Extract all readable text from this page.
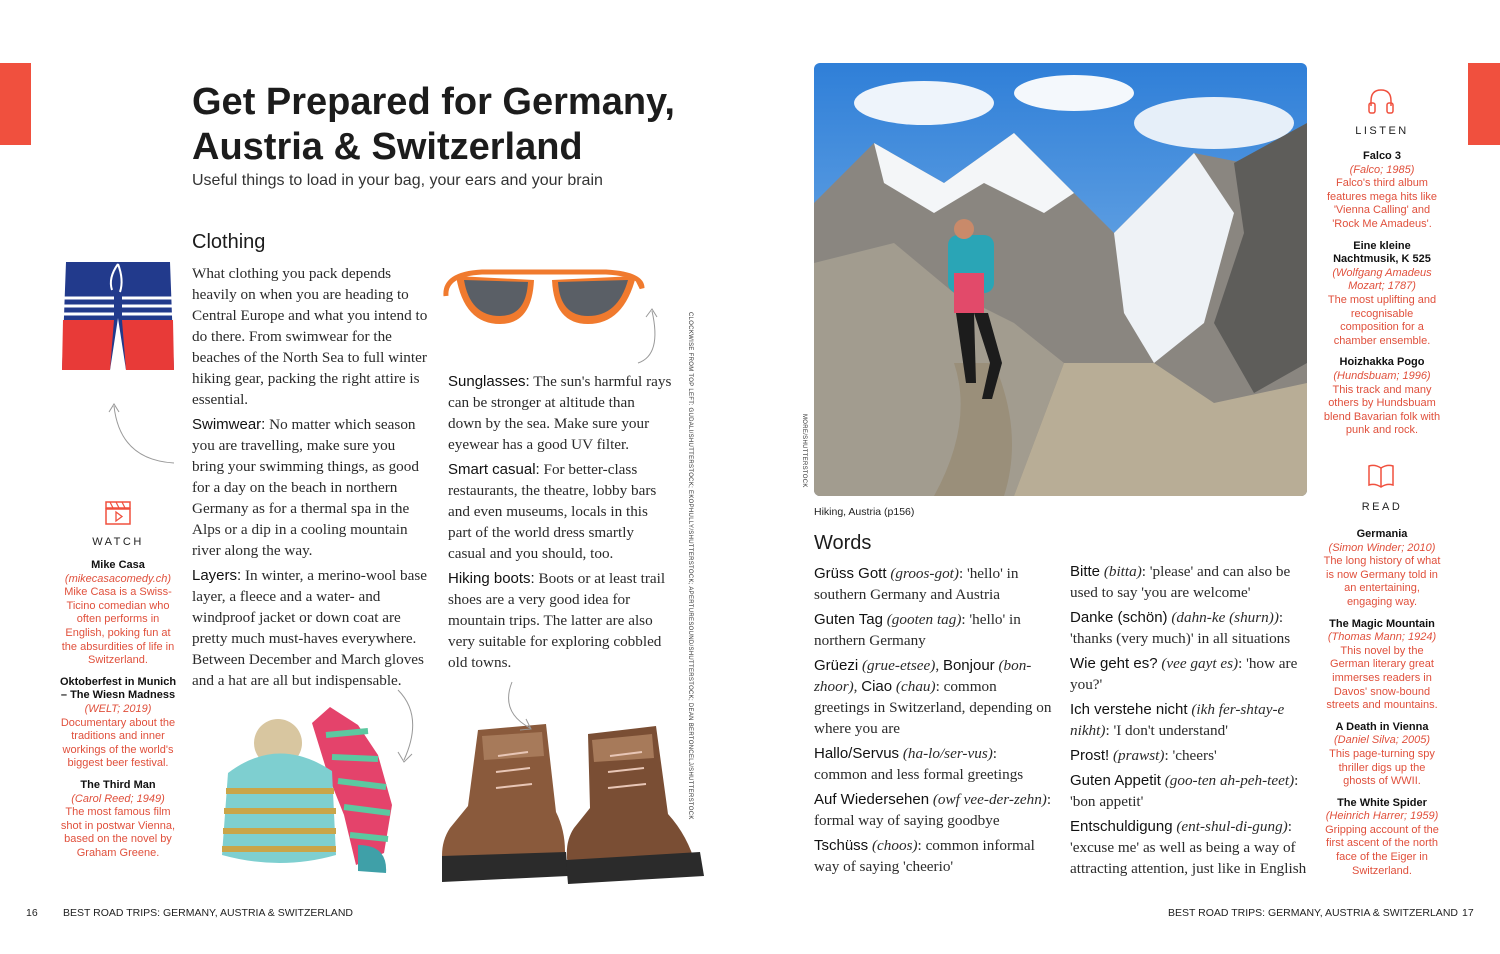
Get Prepared for Germany, Austria & Switzerland
Useful things to load in your bag, your ears and your brain
Clothing

What clothing you pack depends heavily on when you are heading to Central Europe and what you intend to do there. From swimwear for the beaches of the North Sea to full winter hiking gear, packing the right attire is essential.

Swimwear: No matter which season you are travelling, make sure you bring your swimming things, as good for a day on the beach in northern Germany as for a thermal spa in the Alps or a dip in a cooling mountain river along the way.

Layers: In winter, a merino-wool base layer, a fleece and a water- and windproof jacket or down coat are pretty much must-haves everywhere. Between December and March gloves and a hat are all but indispensable.

Sunglasses: The sun's harmful rays can be stronger at altitude than down by the sea. Make sure your eyewear has a good UV filter.

Smart casual: For better-class restaurants, the theatre, lobby bars and even museums, locals in this part of the world dress smartly casual and you should, too.

Hiking boots: Boots or at least trail shoes are a very good idea for mountain trips. The latter are also very suitable for exploring cobbled old towns.	CLOCKWISE FROM TOP LEFT: GUDALI/SHUTTERSTOCK; EKOPHULLY/SHUTTERSTOCK; APERTURESOUND/SHUTTERSTOCK; DEAN BERTONCELJ/SHUTTERSTOCK	MORE/SHUTTERSTOCK
WATCH
Mike Casa
(mikecasacomedy.ch)
Mike Casa is a Swiss-Ticino comedian who often performs in English, poking fun at the absurdities of life in Switzerland.
Oktoberfest in Munich – The Wiesn Madness
(WELT; 2019)
Documentary about the traditions and inner workings of the world's biggest beer festival.
The Third Man
(Carol Reed; 1949)
The most famous film shot in postwar Vienna, based on the novel by Graham Greene.
Hiking, Austria (p156)
Words

Grüss Gott (groos-got): 'hello' in southern Germany and Austria

Guten Tag (gooten tag): 'hello' in northern Germany

Grüezi (grue-etsee), Bonjour (bon-zhoor), Ciao (chau): common greetings in Switzerland, depending on where you are

Hallo/Servus (ha-lo/ser-vus): common and less formal greetings

Auf Wiedersehen (owf vee-der-zehn): formal way of saying goodbye

Tschüss (choos): common informal way of saying 'cheerio'

Bitte (bitta): 'please' and can also be used to say 'you are welcome'

Danke (schön) (dahn-ke (shurn)): 'thanks (very much)' in all situations

Wie geht es? (vee gayt es): 'how are you?'

Ich verstehe nicht (ikh fer-shtay-e nikht): 'I don't understand'

Prost! (prawst): 'cheers'

Guten Appetit (goo-ten ah-peh-teet): 'bon appetit'

Entschuldigung (ent-shul-di-gung): 'excuse me' as well as being a way of attracting attention, just like in English

LISTEN
Falco 3
(Falco; 1985)
Falco's third album features mega hits like 'Vienna Calling' and 'Rock Me Amadeus'.
Eine kleine Nachtmusik, K 525
(Wolfgang Amadeus Mozart; 1787)
The most uplifting and recognisable composition for a chamber ensemble.
Hoizhakka Pogo
(Hundsbuam; 1996)
This track and many others by Hundsbuam blend Bavarian folk with punk and rock.
READ
Germania
(Simon Winder; 2010)
The long history of what is now Germany told in an entertaining, engaging way.
The Magic Mountain
(Thomas Mann; 1924)
This novel by the German literary great immerses readers in Davos' snow-bound streets and mountains.
A Death in Vienna
(Daniel Silva; 2005)
This page-turning spy thriller digs up the ghosts of WWII.
The White Spider
(Heinrich Harrer; 1959)
Gripping account of the first ascent of the north face of the Eiger in Switzerland.
16 BEST ROAD TRIPS: GERMANY, AUSTRIA & SWITZERLAND	BEST ROAD TRIPS: GERMANY, AUSTRIA & SWITZERLAND 17
